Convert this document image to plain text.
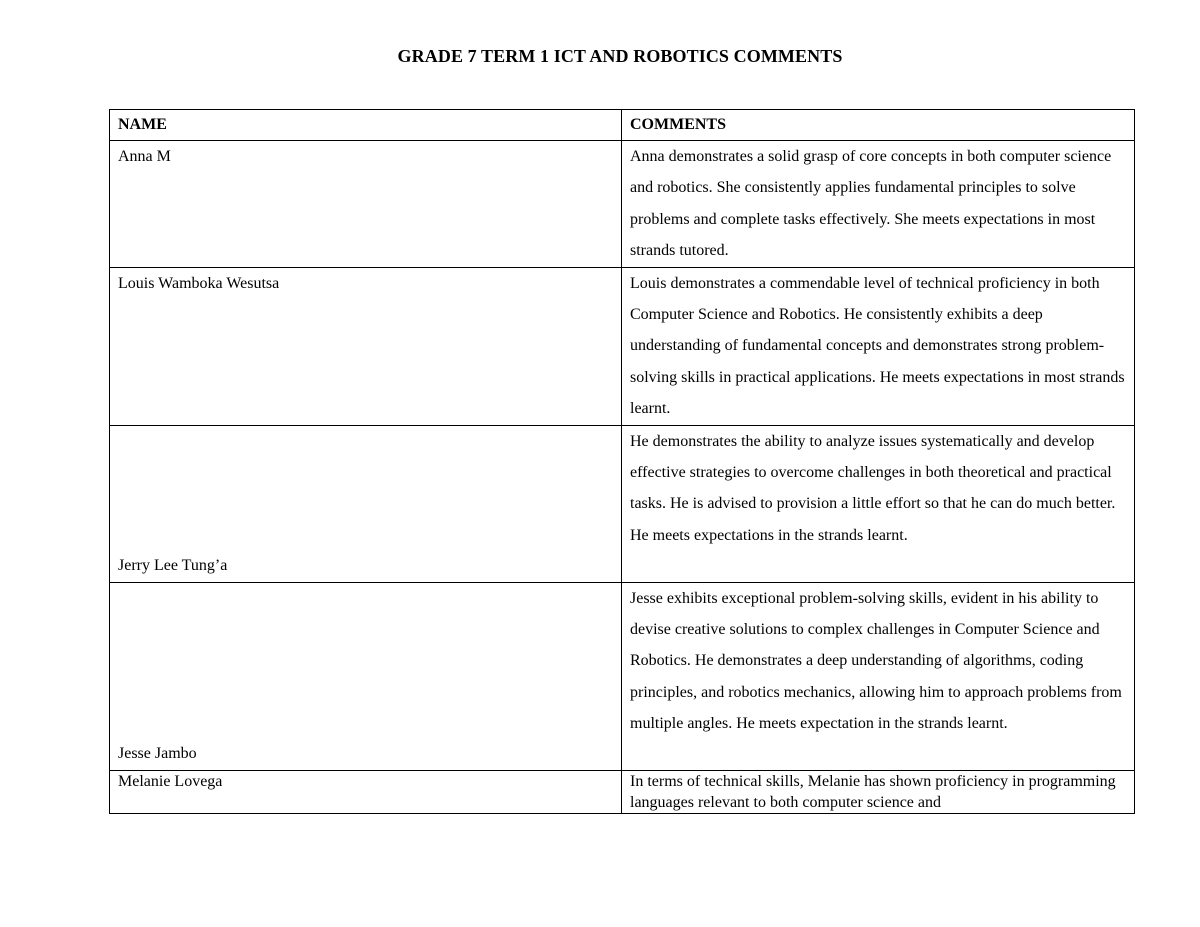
GRADE 7 TERM 1 ICT AND ROBOTICS COMMENTS
NAME	COMMENTS
Anna M	Anna demonstrates a solid grasp of core concepts in both computer science and robotics. She consistently applies fundamental principles to solve problems and complete tasks effectively. She meets expectations in most strands tutored.
Louis Wamboka Wesutsa	Louis demonstrates a commendable level of technical proficiency in both Computer Science and Robotics. He consistently exhibits a deep understanding of fundamental concepts and demonstrates strong problem-solving skills in practical applications. He meets expectations in most strands learnt.
Jerry Lee Tung’a	He demonstrates the ability to analyze issues systematically and develop effective strategies to overcome challenges in both theoretical and practical tasks. He is advised to provision a little effort so that he can do much better. He meets expectations in the strands learnt.
Jesse Jambo	Jesse exhibits exceptional problem-solving skills, evident in his ability to devise creative solutions to complex challenges in Computer Science and Robotics. He demonstrates a deep understanding of algorithms, coding principles, and robotics mechanics, allowing him to approach problems from multiple angles. He meets expectation in the strands learnt.
Melanie Lovega	In terms of technical skills, Melanie has shown proficiency in programming languages relevant to both computer science and
